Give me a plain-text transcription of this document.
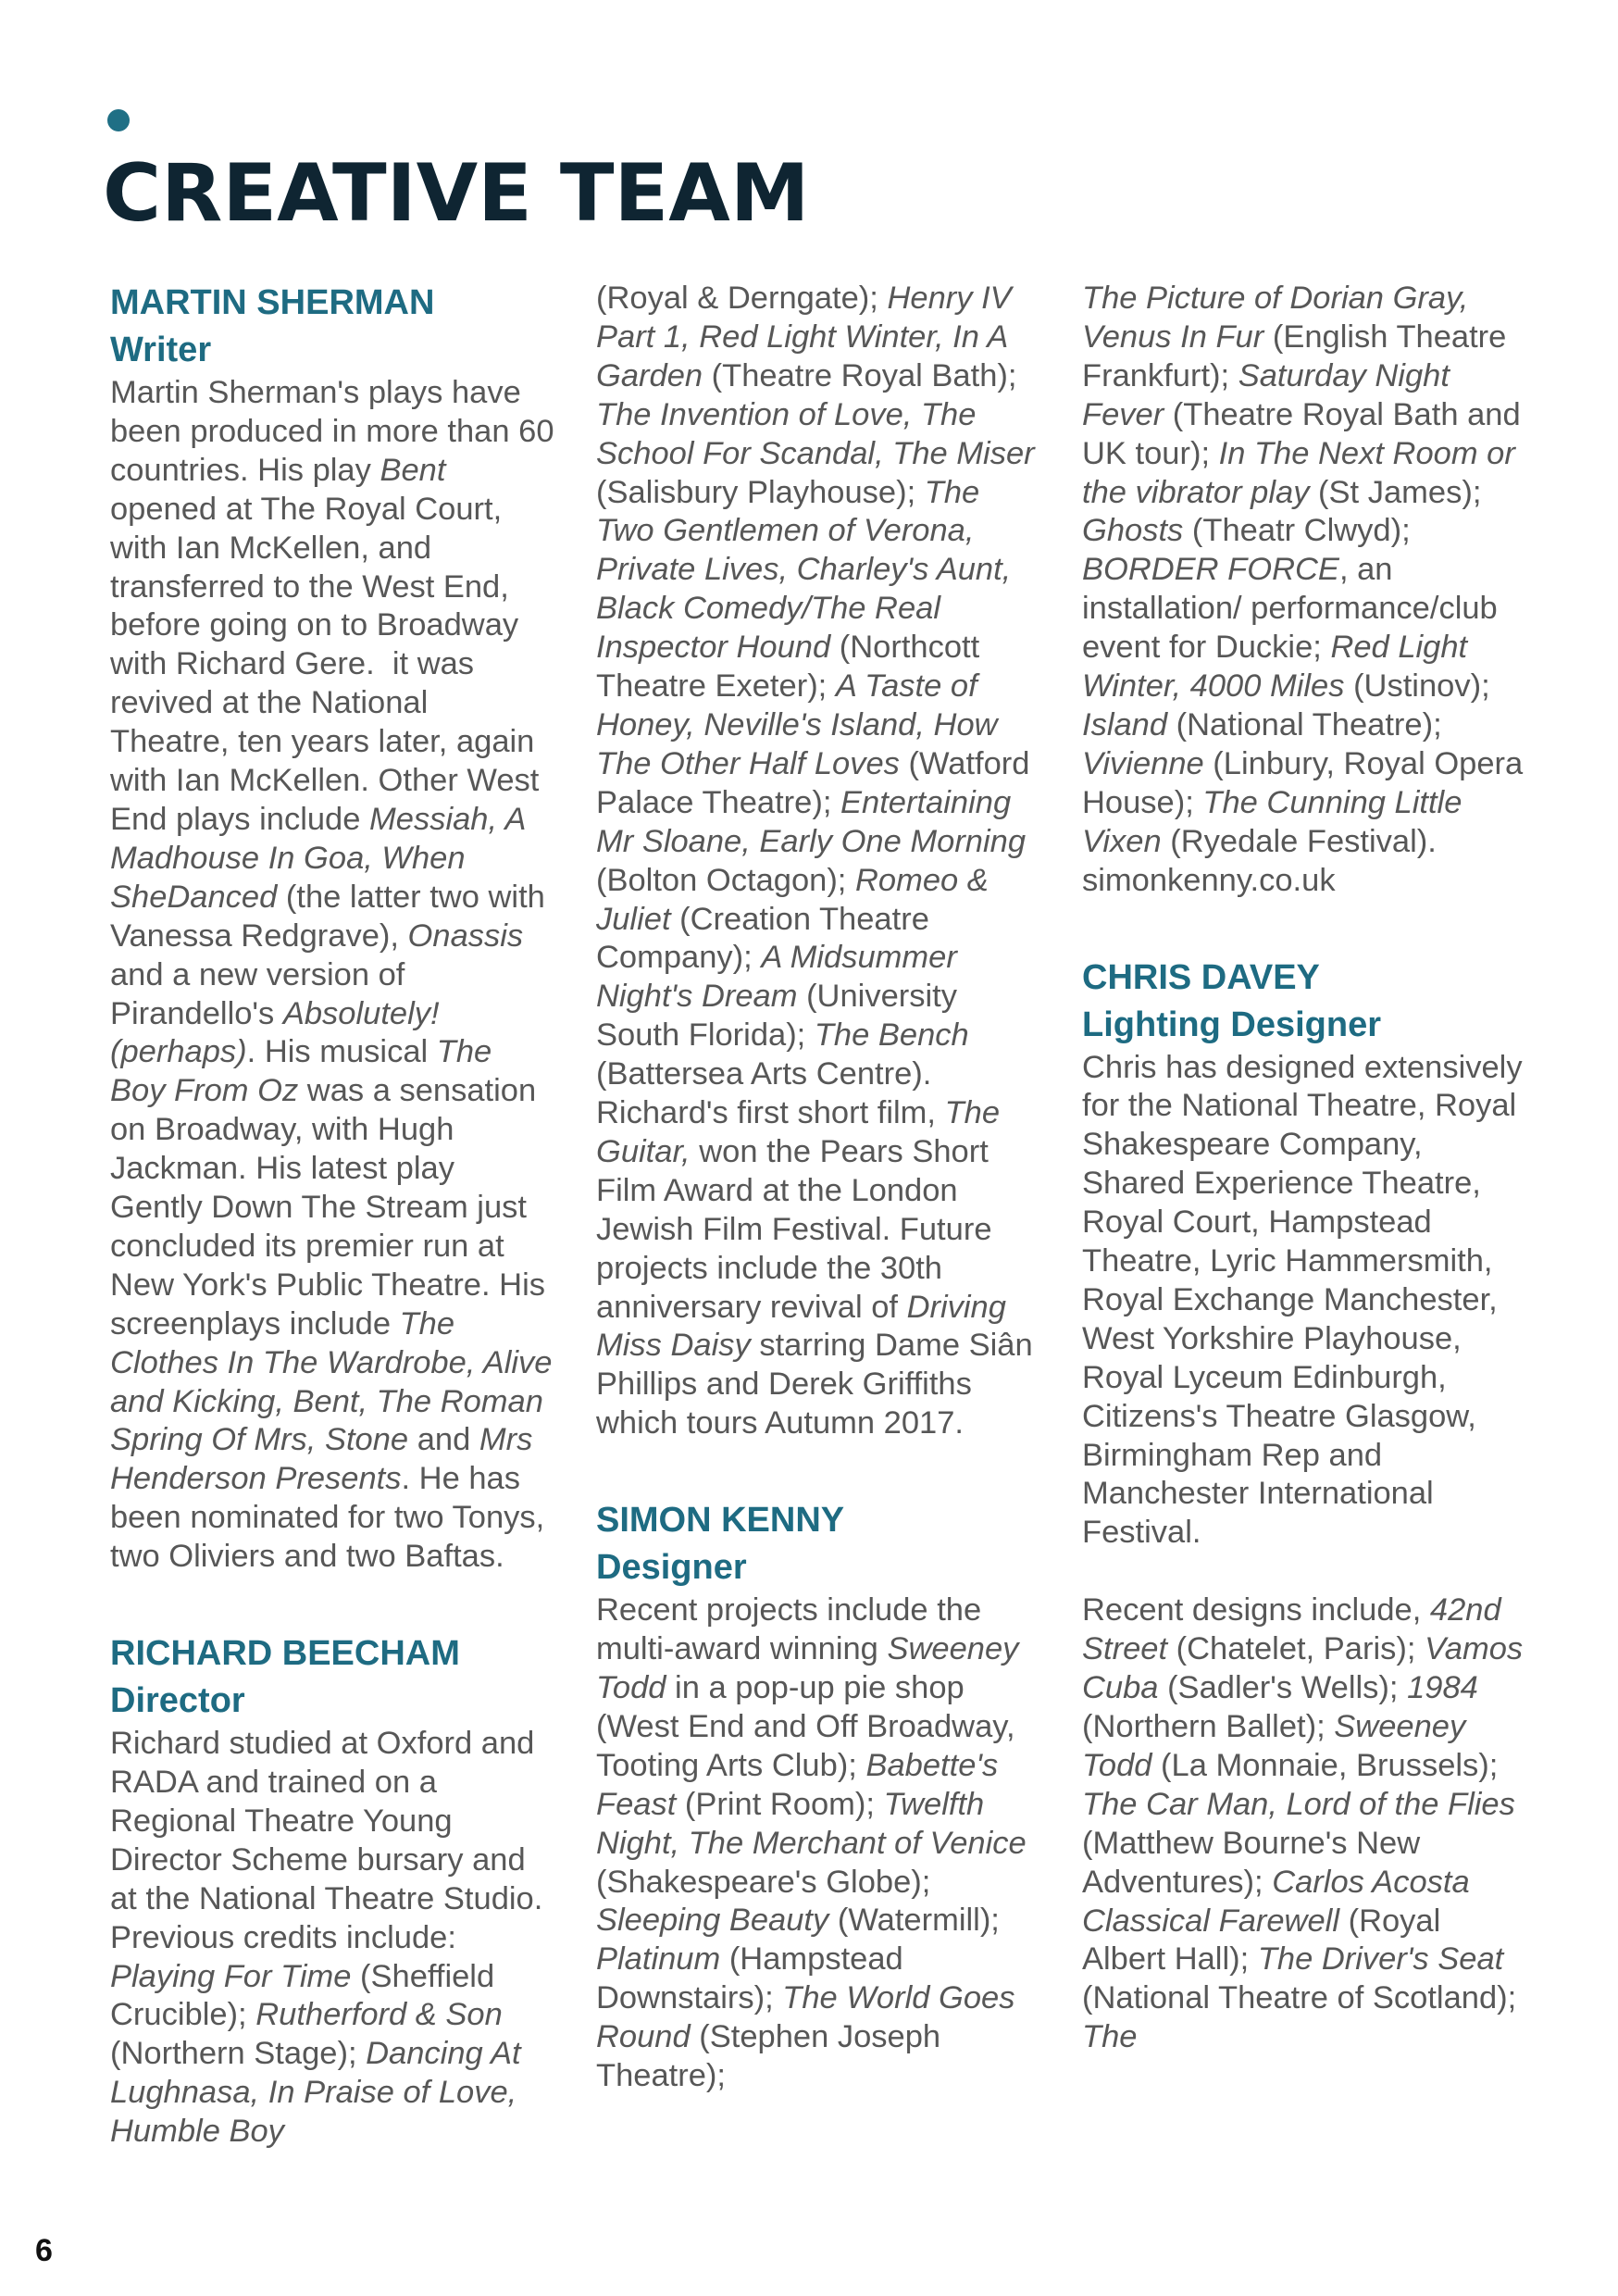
CREATIVE TEAM

MARTIN SHERMAN

Writer

Martin Sherman's plays have been produced in more than 60 countries. His play Bent opened at The Royal Court, with Ian McKellen, and transferred to the West End, before going on to Broadway with Richard Gere.  it was revived at the National Theatre, ten years later, again with Ian McKellen. Other West End plays include Messiah, A Madhouse In Goa, When SheDanced (the latter two with Vanessa Redgrave), Onassis and a new version of Pirandello's Absolutely! (perhaps). His musical The Boy From Oz was a sensation on Broadway, with Hugh Jackman. His latest play Gently Down The Stream just concluded its premier run at New York's Public Theatre. His screenplays include The Clothes In The Wardrobe, Alive and Kicking, Bent, The Roman Spring Of Mrs, Stone and Mrs Henderson Presents. He has been nominated for two Tonys, two Oliviers and two Baftas.

RICHARD BEECHAM

Director

Richard studied at Oxford and RADA and trained on a Regional Theatre Young Director Scheme bursary and at the National Theatre Studio. Previous credits include: Playing For Time (Sheffield Crucible); Rutherford & Son (Northern Stage); Dancing At Lughnasa, In Praise of Love, Humble Boy

(Royal & Derngate); Henry IV Part 1, Red Light Winter, In A Garden (Theatre Royal Bath); The Invention of Love, The School For Scandal, The Miser (Salisbury Playhouse); The Two Gentlemen of Verona, Private Lives, Charley's Aunt, Black Comedy/The Real Inspector Hound (Northcott Theatre Exeter); A Taste of Honey, Neville's Island, How The Other Half Loves (Watford Palace Theatre); Entertaining Mr Sloane, Early One Morning (Bolton Octagon); Romeo & Juliet (Creation Theatre Company); A Midsummer Night's Dream (University South Florida); The Bench (Battersea Arts Centre). Richard's first short film, The Guitar, won the Pears Short Film Award at the London Jewish Film Festival. Future projects include the 30th anniversary revival of Driving Miss Daisy starring Dame Siân Phillips and Derek Griffiths which tours Autumn 2017.

SIMON KENNY

Designer

Recent projects include the multi-award winning Sweeney Todd in a pop-up pie shop (West End and Off Broadway, Tooting Arts Club); Babette's Feast (Print Room); Twelfth Night, The Merchant of Venice (Shakespeare's Globe); Sleeping Beauty (Watermill); Platinum (Hampstead Downstairs); The World Goes Round (Stephen Joseph Theatre);

The Picture of Dorian Gray, Venus In Fur (English Theatre Frankfurt); Saturday Night Fever (Theatre Royal Bath and UK tour); In The Next Room or the vibrator play (St James); Ghosts (Theatr Clwyd); BORDER FORCE, an installation/ performance/club event for Duckie; Red Light Winter, 4000 Miles (Ustinov); Island (National Theatre); Vivienne (Linbury, Royal Opera House); The Cunning Little Vixen (Ryedale Festival). simonkenny.co.uk

CHRIS DAVEY

Lighting Designer

Chris has designed extensively for the National Theatre, Royal Shakespeare Company, Shared Experience Theatre, Royal Court, Hampstead Theatre, Lyric Hammersmith, Royal Exchange Manchester, West Yorkshire Playhouse, Royal Lyceum Edinburgh, Citizens's Theatre Glasgow, Birmingham Rep and Manchester International Festival.

Recent designs include, 42nd Street (Chatelet, Paris); Vamos Cuba (Sadler's Wells); 1984 (Northern Ballet); Sweeney Todd (La Monnaie, Brussels); The Car Man, Lord of the Flies (Matthew Bourne's New Adventures); Carlos Acosta Classical Farewell (Royal Albert Hall); The Driver's Seat (National Theatre of Scotland); The

6
